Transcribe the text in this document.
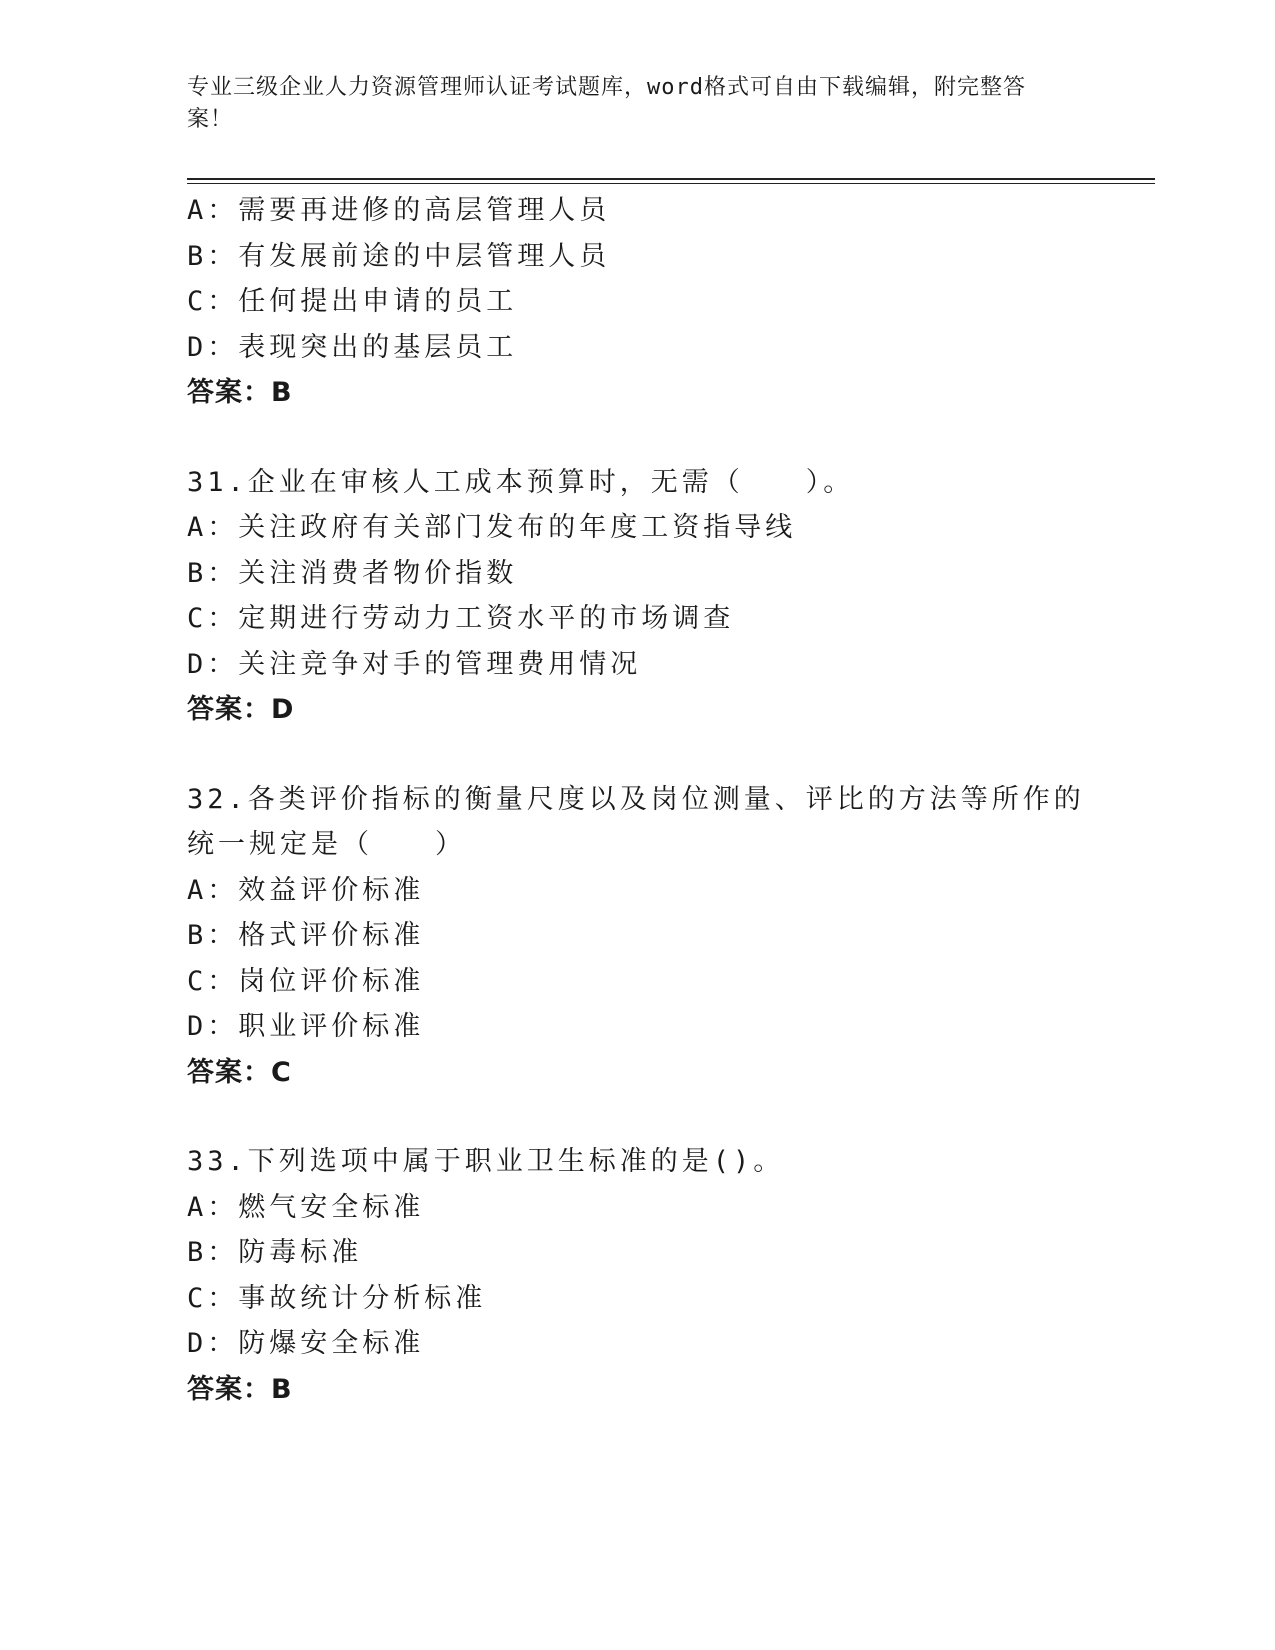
专业三级企业人力资源管理师认证考试题库，word格式可自由下载编辑，附完整答案！
A：需要再进修的高层管理人员
B：有发展前途的中层管理人员
C：任何提出申请的员工
D：表现突出的基层员工
答案：B
31.企业在审核人工成本预算时，无需（　　）。
A：关注政府有关部门发布的年度工资指导线
B：关注消费者物价指数
C：定期进行劳动力工资水平的市场调查
D：关注竞争对手的管理费用情况
答案：D
32.各类评价指标的衡量尺度以及岗位测量、评比的方法等所作的统一规定是（　　）
A：效益评价标准
B：格式评价标准
C：岗位评价标准
D：职业评价标准
答案：C
33.下列选项中属于职业卫生标准的是()。
A：燃气安全标准
B：防毒标准
C：事故统计分析标准
D：防爆安全标准
答案：B
